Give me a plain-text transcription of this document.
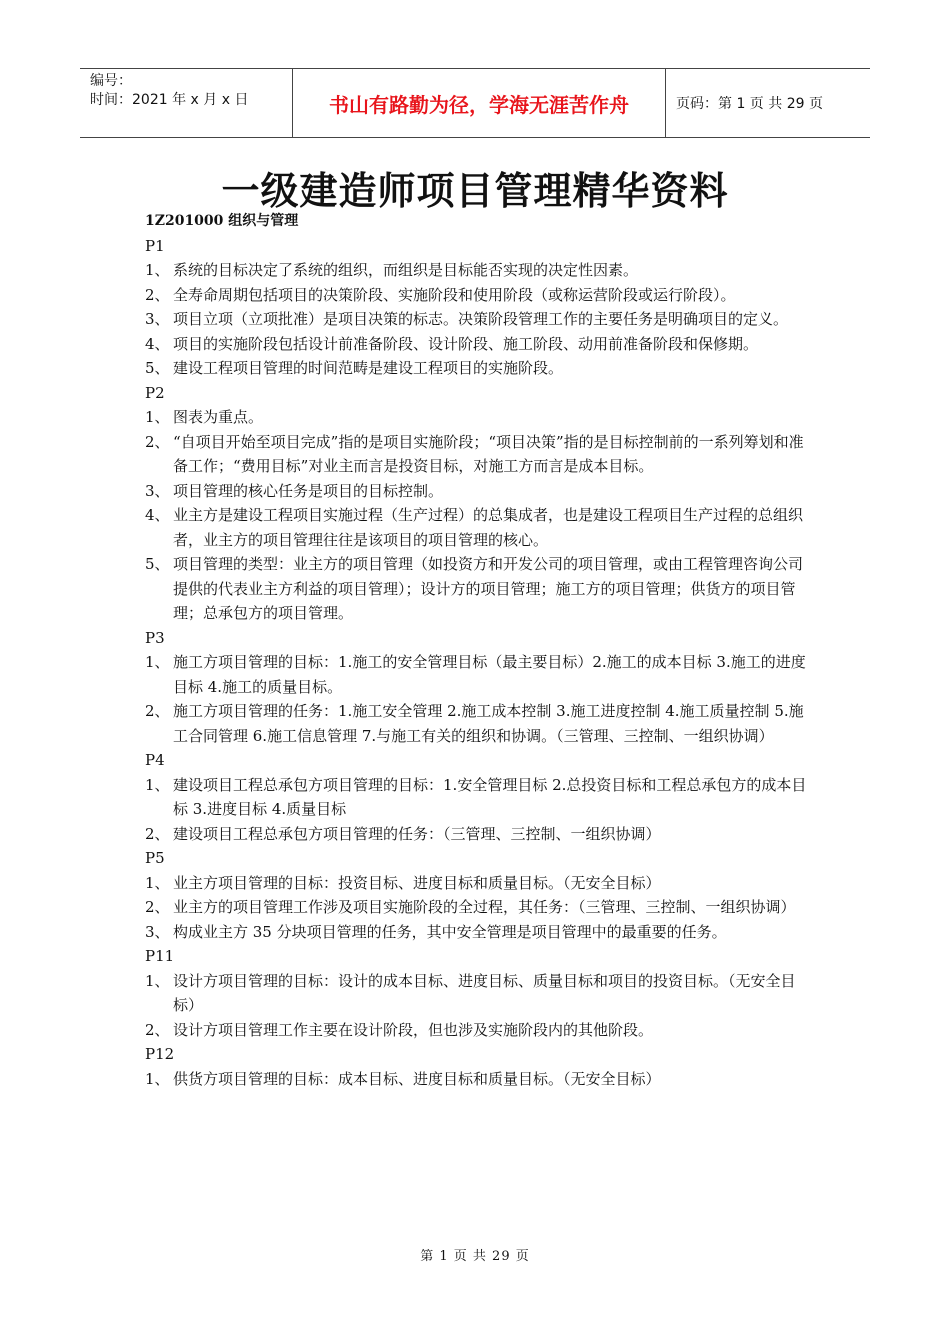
编号：
时间：2021 年 x 月 x 日	书山有路勤为径，学海无涯苦作舟	页码：第 1 页 共 29 页
一级建造师项目管理精华资料
1Z201000 组织与管理
P1
1、 系统的目标决定了系统的组织，而组织是目标能否实现的决定性因素。
2、 全寿命周期包括项目的决策阶段、实施阶段和使用阶段（或称运营阶段或运行阶段）。
3、 项目立项（立项批准）是项目决策的标志。决策阶段管理工作的主要任务是明确项目的定义。
4、 项目的实施阶段包括设计前准备阶段、设计阶段、施工阶段、动用前准备阶段和保修期。
5、 建设工程项目管理的时间范畴是建设工程项目的实施阶段。
P2
1、 图表为重点。
2、 “自项目开始至项目完成”指的是项目实施阶段；“项目决策”指的是目标控制前的一系列筹划和准备工作；“费用目标”对业主而言是投资目标，对施工方而言是成本目标。
3、 项目管理的核心任务是项目的目标控制。
4、 业主方是建设工程项目实施过程（生产过程）的总集成者，也是建设工程项目生产过程的总组织者，业主方的项目管理往往是该项目的项目管理的核心。
5、 项目管理的类型：业主方的项目管理（如投资方和开发公司的项目管理，或由工程管理咨询公司提供的代表业主方利益的项目管理）；设计方的项目管理；施工方的项目管理；供货方的项目管理；总承包方的项目管理。
P3
1、 施工方项目管理的目标：1.施工的安全管理目标（最主要目标）2.施工的成本目标 3.施工的进度目标 4.施工的质量目标。
2、 施工方项目管理的任务：1.施工安全管理 2.施工成本控制 3.施工进度控制 4.施工质量控制 5.施工合同管理 6.施工信息管理 7.与施工有关的组织和协调。（三管理、三控制、一组织协调）
P4
1、 建设项目工程总承包方项目管理的目标：1.安全管理目标 2.总投资目标和工程总承包方的成本目标 3.进度目标 4.质量目标
2、 建设项目工程总承包方项目管理的任务：（三管理、三控制、一组织协调）
P5
1、 业主方项目管理的目标：投资目标、进度目标和质量目标。（无安全目标）
2、 业主方的项目管理工作涉及项目实施阶段的全过程，其任务：（三管理、三控制、一组织协调）
3、 构成业主方 35 分块项目管理的任务，其中安全管理是项目管理中的最重要的任务。
P11
1、 设计方项目管理的目标：设计的成本目标、进度目标、质量目标和项目的投资目标。（无安全目标）
2、 设计方项目管理工作主要在设计阶段，但也涉及实施阶段内的其他阶段。
P12
1、 供货方项目管理的目标：成本目标、进度目标和质量目标。（无安全目标）
第 1 页 共 29 页
